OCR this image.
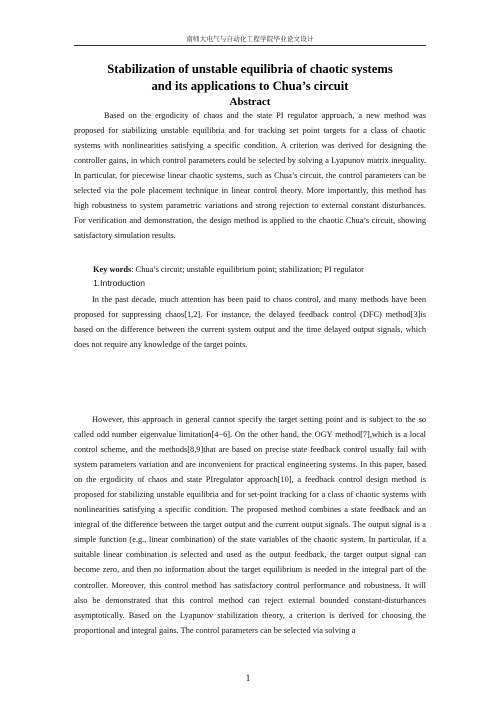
南师大电气与自动化工程学院毕业论文设计
Stabilization of unstable equilibria of chaotic systems
and its applications to Chua’s circuit
Abstract
Based on the ergodicity of chaos and the state PI regulator approach, a new method was proposed for stabilizing unstable equilibria and for tracking set point targets for a class of chaotic systems with nonlinearities satisfying a specific condition. A criterion was derived for designing the controller gains, in which control parameters could be selected by solving a Lyapunov matrix inequality. In particular, for piecewise linear chaotic systems, such as Chua’s circuit, the control parameters can be selected via the pole placement technique in linear control theory. More importantly, this method has high robustness to system parametric variations and strong rejection to external constant disturbances. For verification and demonstration, the design method is applied to the chaotic Chua’s circuit, showing satisfactory simulation results.
Key words: Chua’s circuit; unstable equilibrium point; stabilization; PI regulator
1.Introduction
In the past decade, much attention has been paid to chaos control, and many methods have been proposed for suppressing chaos[1,2]. For instance, the delayed feedback control (DFC) method[3]is based on the difference between the current system output and the time delayed output signals, which does not require any knowledge of the target points.
However, this approach in general cannot specify the target setting point and is subject to the so called odd number eigenvalue limitation[4−6]. On the other hand, the OGY method[7],which is a local control scheme, and the methods[8,9]that are based on precise state feedback control usually fail with system parameters variation and are inconvenient for practical engineering systems. In this paper, based on the ergodicity of chaos and state PIregulator approach[10], a feedback control design method is proposed for stabilizing unstable equilibria and for set-point tracking for a class of chaotic systems with nonlinearities satisfying a specific condition. The proposed method combines a state feedback and an integral of the difference between the target output and the current output signals. The output signal is a simple function (e.g., linear combination) of the state variables of the chaotic system. In particular, if a suitable linear combination is selected and used as the output feedback, the target output signal can become zero, and then no information about the target equilibrium is needed in the integral part of the controller. Moreover, this control method has satisfactory control performance and robustness. It will also be demonstrated that this control method can reject external bounded constant-disturbances asymptotically. Based on the Lyapunov stabilization theory, a criterion is derived for choosing the proportional and integral gains. The control parameters can be selected via solving a
1
